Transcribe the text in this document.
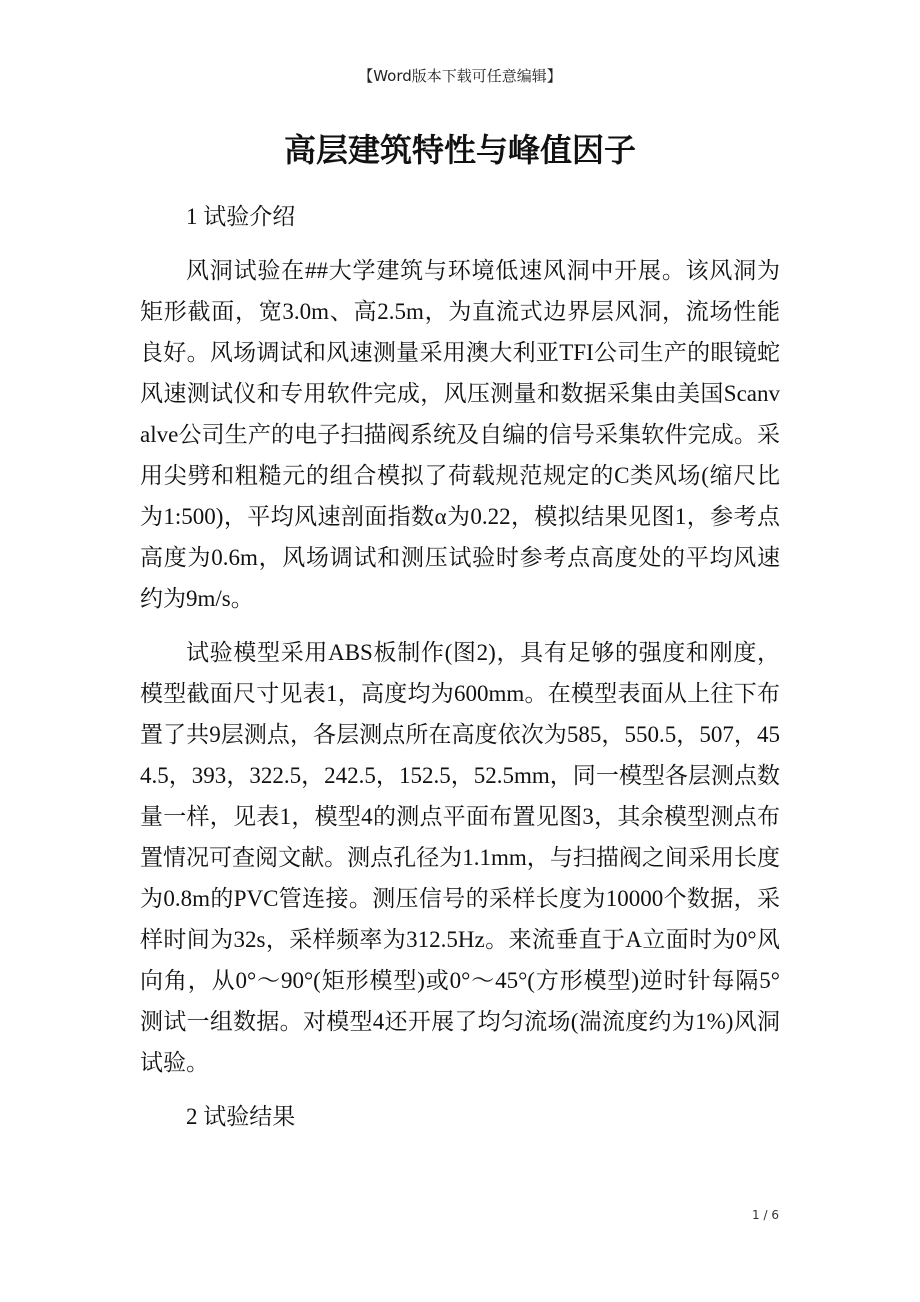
【Word版本下载可任意编辑】
高层建筑特性与峰值因子

1 试验介绍

风洞试验在##大学建筑与环境低速风洞中开展。该风洞为矩形截面，宽3.0m、高2.5m，为直流式边界层风洞，流场性能良好。风场调试和风速测量采用澳大利亚TFI公司生产的眼镜蛇风速测试仪和专用软件完成，风压测量和数据采集由美国Scanvalve公司生产的电子扫描阀系统及自编的信号采集软件完成。采用尖劈和粗糙元的组合模拟了荷载规范规定的C类风场(缩尺比为1:500)，平均风速剖面指数α为0.22，模拟结果见图1，参考点高度为0.6m，风场调试和测压试验时参考点高度处的平均风速约为9m/s。

试验模型采用ABS板制作(图2)，具有足够的强度和刚度，模型截面尺寸见表1，高度均为600mm。在模型表面从上往下布置了共9层测点，各层测点所在高度依次为585，550.5，507，454.5，393，322.5，242.5，152.5，52.5mm，同一模型各层测点数量一样，见表1，模型4的测点平面布置见图3，其余模型测点布置情况可查阅文献。测点孔径为1.1mm，与扫描阀之间采用长度为0.8m的PVC管连接。测压信号的采样长度为10000个数据，采样时间为32s，采样频率为312.5Hz。来流垂直于A立面时为0°风向角，从0°～90°(矩形模型)或0°～45°(方形模型)逆时针每隔5°测试一组数据。对模型4还开展了均匀流场(湍流度约为1%)风洞试验。

2 试验结果

1 / 6
